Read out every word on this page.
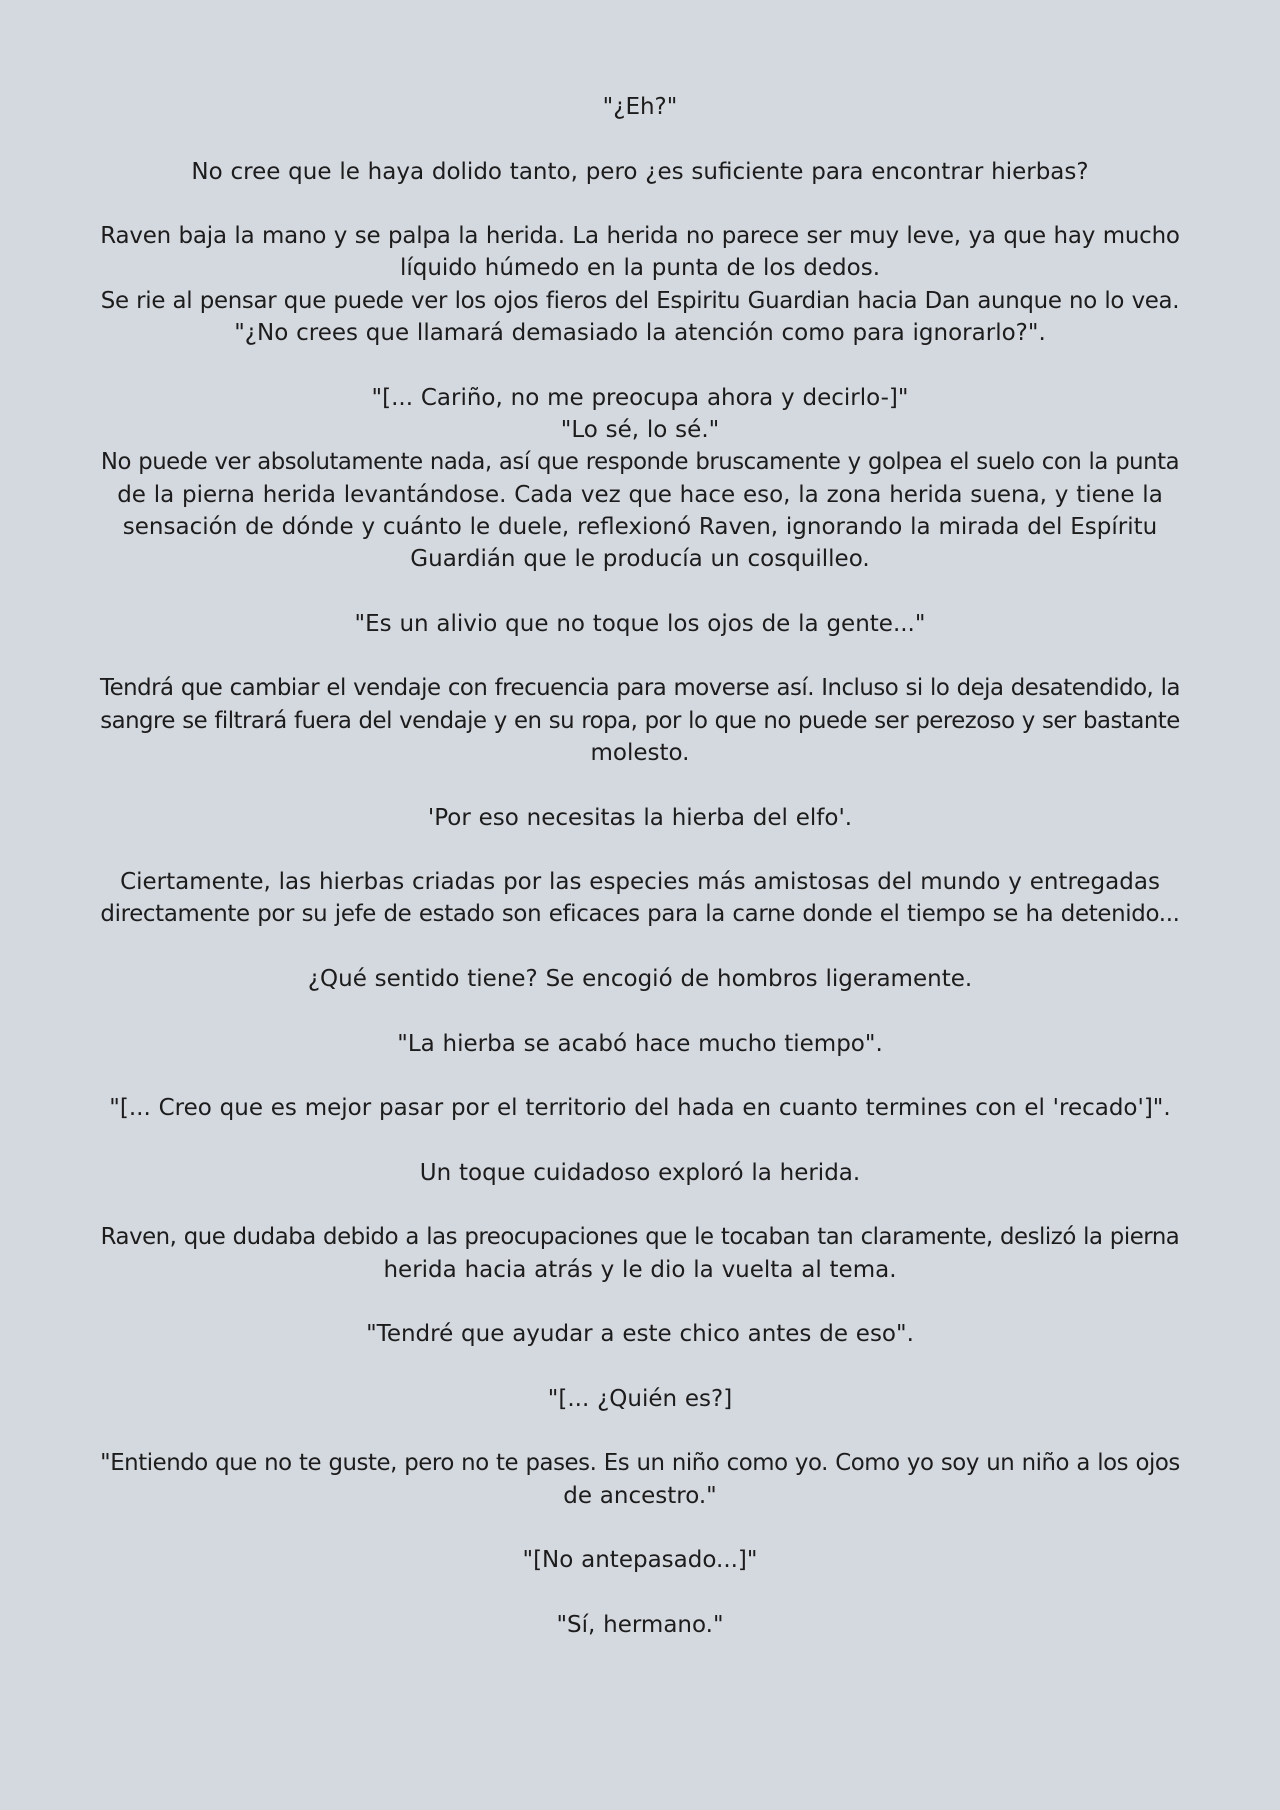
"¿Eh?"
No cree que le haya dolido tanto, pero ¿es suficiente para encontrar hierbas?
Raven baja la mano y se palpa la herida. La herida no parece ser muy leve, ya que hay mucho
líquido húmedo en la punta de los dedos.
Se rie al pensar que puede ver los ojos fieros del Espiritu Guardian hacia Dan aunque no lo vea.
"¿No crees que llamará demasiado la atención como para ignorarlo?".
"[... Cariño, no me preocupa ahora y decirlo-]"
"Lo sé, lo sé."
No puede ver absolutamente nada, así que responde bruscamente y golpea el suelo con la punta
de la pierna herida levantándose. Cada vez que hace eso, la zona herida suena, y tiene la
sensación de dónde y cuánto le duele, reflexionó Raven, ignorando la mirada del Espíritu
Guardián que le producía un cosquilleo.
"Es un alivio que no toque los ojos de la gente..."
Tendrá que cambiar el vendaje con frecuencia para moverse así. Incluso si lo deja desatendido, la
sangre se filtrará fuera del vendaje y en su ropa, por lo que no puede ser perezoso y ser bastante
molesto.
'Por eso necesitas la hierba del elfo'.
Ciertamente, las hierbas criadas por las especies más amistosas del mundo y entregadas
directamente por su jefe de estado son eficaces para la carne donde el tiempo se ha detenido...
¿Qué sentido tiene? Se encogió de hombros ligeramente.
"La hierba se acabó hace mucho tiempo".
"[... Creo que es mejor pasar por el territorio del hada en cuanto termines con el 'recado']".
Un toque cuidadoso exploró la herida.
Raven, que dudaba debido a las preocupaciones que le tocaban tan claramente, deslizó la pierna
herida hacia atrás y le dio la vuelta al tema.
"Tendré que ayudar a este chico antes de eso".
"[... ¿Quién es?]
"Entiendo que no te guste, pero no te pases. Es un niño como yo. Como yo soy un niño a los ojos
de ancestro."
"[No antepasado...]"
"Sí, hermano."
